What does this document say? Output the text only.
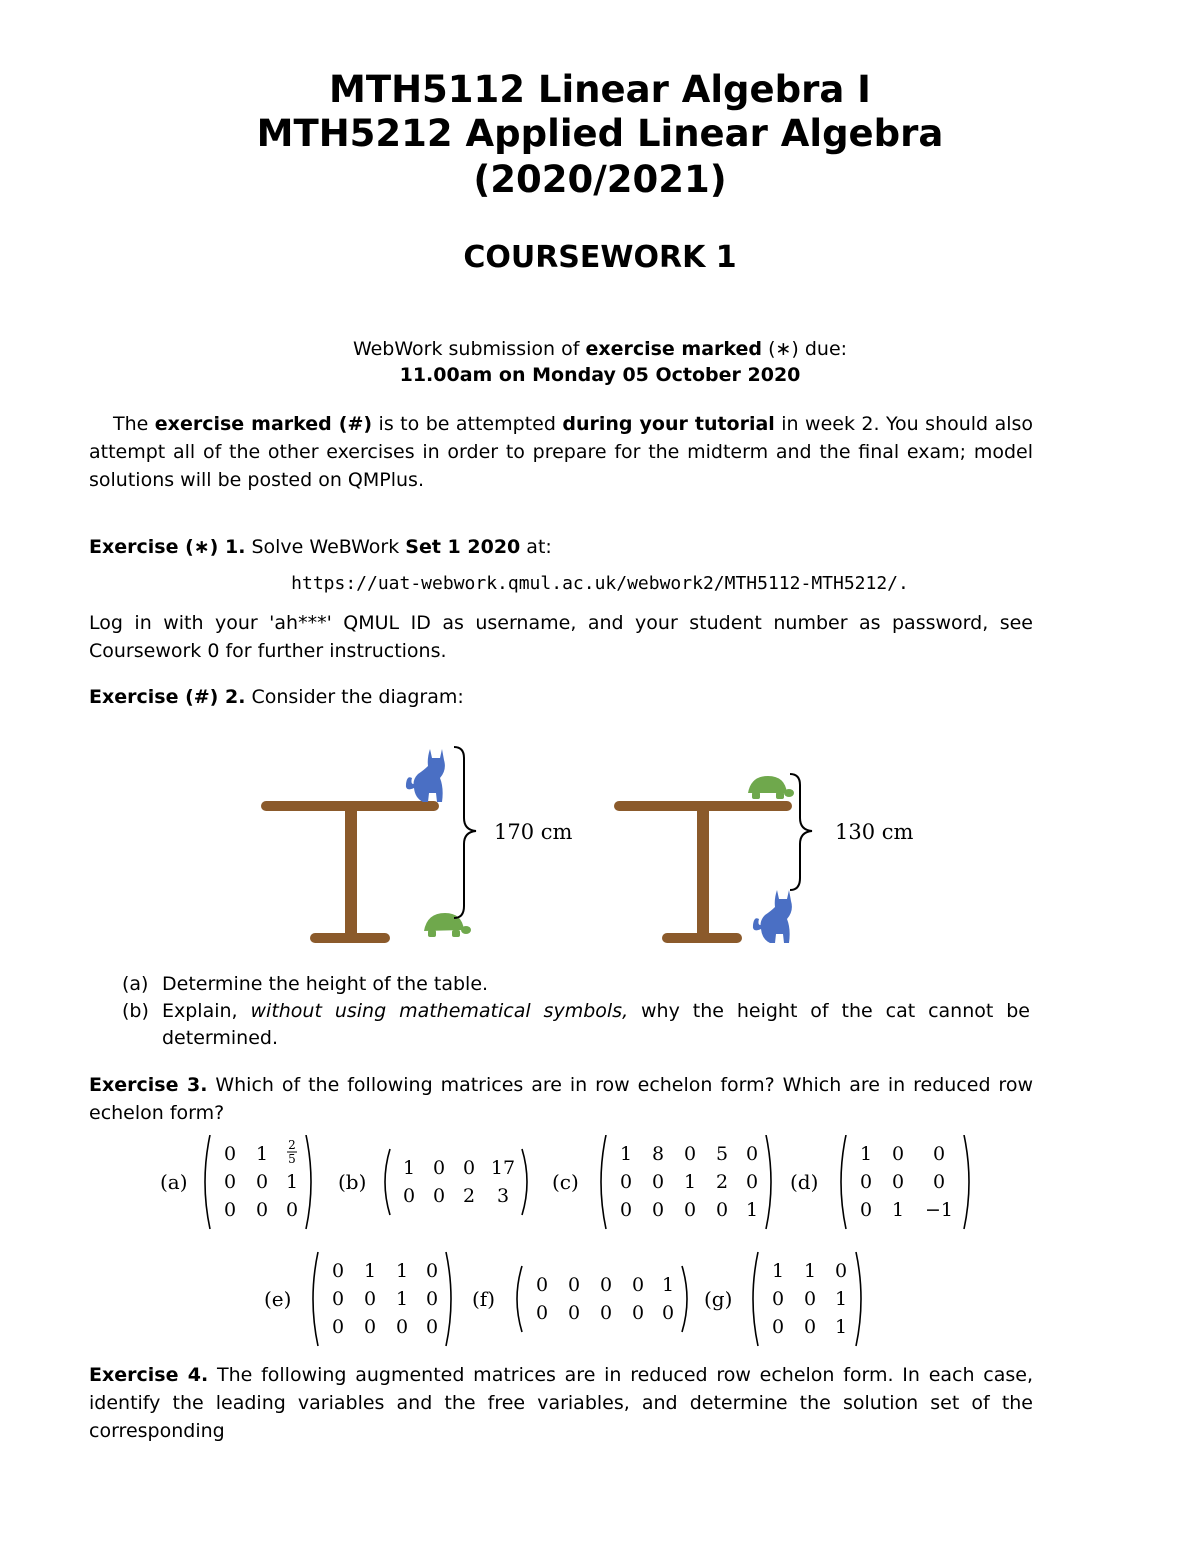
MTH5112 Linear Algebra I
MTH5212 Applied Linear Algebra
(2020/2021)
COURSEWORK 1
WebWork submission of exercise marked (∗) due:
11.00am on Monday 05 October 2020
The exercise marked (#) is to be attempted during your tutorial in week 2. You should also attempt all of the other exercises in order to prepare for the midterm and the final exam; model solutions will be posted on QMPlus.
Exercise (∗) 1. Solve WeBWork Set 1 2020 at:
https://uat-webwork.qmul.ac.uk/webwork2/MTH5112-MTH5212/.
Log in with your 'ah***' QMUL ID as username, and your student number as password, see Coursework 0 for further instructions.
Exercise (#) 2. Consider the diagram:
170 cm	130 cm
(a) Determine the height of the table.
(b) Explain, without using mathematical symbols, why the height of the cat cannot be determined.
Exercise 3. Which of the following matrices are in row echelon form? Which are in reduced row echelon form?
(a)
0 1 2
5
0 0 1
0 0 0
(b)
1 0 0 17
0 0 2 3
(c)
1 8 0 5 0
0 0 1 2 0
0 0 0 0 1
(d)
1 0 0
0 0 0
0 1 −1
(e)
0 1 1 0
0 0 1 0
0 0 0 0
(f)
0 0 0 0 1
0 0 0 0 0
(g)
1 1 0
0 0 1
0 0 1
Exercise 4. The following augmented matrices are in reduced row echelon form. In each case, identify the leading variables and the free variables, and determine the solution set of the corresponding
